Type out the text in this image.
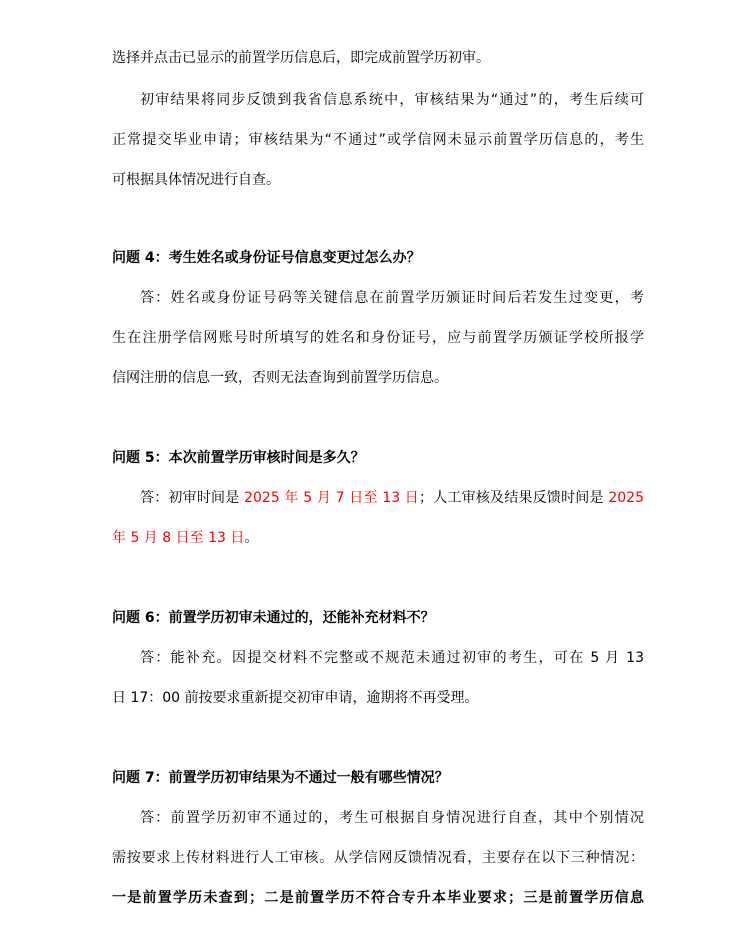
选择并点击已显示的前置学历信息后，即完成前置学历初审。
初审结果将同步反馈到我省信息系统中，审核结果为“通过”的，考生后续可
正常提交毕业申请；审核结果为“不通过”或学信网未显示前置学历信息的，考生
可根据具体情况进行自查。
问题 4：考生姓名或身份证号信息变更过怎么办？
答：姓名或身份证号码等关键信息在前置学历颁证时间后若发生过变更，考
生在注册学信网账号时所填写的姓名和身份证号，应与前置学历颁证学校所报学
信网注册的信息一致，否则无法查询到前置学历信息。
问题 5：本次前置学历审核时间是多久？
答：初审时间是 2025 年 5 月 7 日至 13 日；人工审核及结果反馈时间是 2025
年 5 月 8 日至 13 日。
问题 6：前置学历初审未通过的，还能补充材料不？
答：能补充。因提交材料不完整或不规范未通过初审的考生，可在 5 月 13
日 17：00 前按要求重新提交初审申请，逾期将不再受理。
问题 7：前置学历初审结果为不通过一般有哪些情况？
答：前置学历初审不通过的，考生可根据自身情况进行自查，其中个别情况
需按要求上传材料进行人工审核。从学信网反馈情况看，主要存在以下三种情况：
一是前置学历未查到；二是前置学历不符合专升本毕业要求；三是前置学历信息
